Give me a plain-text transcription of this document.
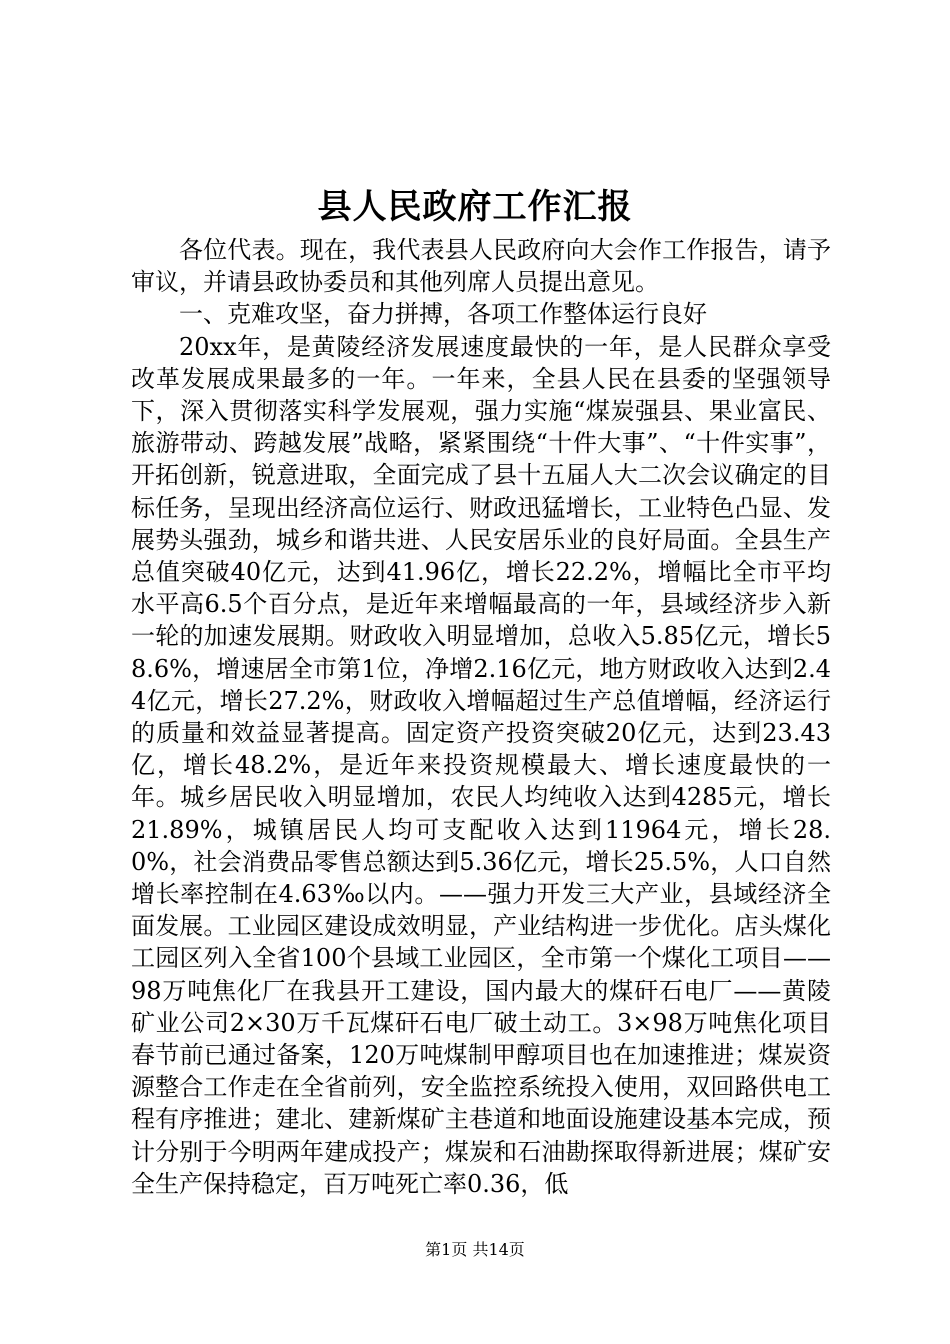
县人民政府工作汇报

各位代表。现在，我代表县人民政府向大会作工作报告，请予审议，并请县政协委员和其他列席人员提出意见。

一、克难攻坚，奋力拼搏，各项工作整体运行良好

20xx年，是黄陵经济发展速度最快的一年，是人民群众享受改革发展成果最多的一年。一年来，全县人民在县委的坚强领导下，深入贯彻落实科学发展观，强力实施“煤炭强县、果业富民、旅游带动、跨越发展”战略，紧紧围绕“十件大事”、“十件实事”，开拓创新，锐意进取，全面完成了县十五届人大二次会议确定的目标任务，呈现出经济高位运行、财政迅猛增长，工业特色凸显、发展势头强劲，城乡和谐共进、人民安居乐业的良好局面。全县生产总值突破40亿元，达到41.96亿，增长22.2%，增幅比全市平均水平高6.5个百分点，是近年来增幅最高的一年，县域经济步入新一轮的加速发展期。财政收入明显增加，总收入5.85亿元，增长58.6%，增速居全市第1位，净增2.16亿元，地方财政收入达到2.44亿元，增长27.2%，财政收入增幅超过生产总值增幅，经济运行的质量和效益显著提高。固定资产投资突破20亿元，达到23.43亿，增长48.2%，是近年来投资规模最大、增长速度最快的一年。城乡居民收入明显增加，农民人均纯收入达到4285元，增长21.89%，城镇居民人均可支配收入达到11964元，增长28.0%，社会消费品零售总额达到5.36亿元，增长25.5%，人口自然增长率控制在4.63‰以内。——强力开发三大产业，县域经济全面发展。工业园区建设成效明显，产业结构进一步优化。店头煤化工园区列入全省100个县域工业园区，全市第一个煤化工项目——98万吨焦化厂在我县开工建设，国内最大的煤矸石电厂——黄陵矿业公司2×30万千瓦煤矸石电厂破土动工。3×98万吨焦化项目春节前已通过备案，120万吨煤制甲醇项目也在加速推进；煤炭资源整合工作走在全省前列，安全监控系统投入使用，双回路供电工程有序推进；建北、建新煤矿主巷道和地面设施建设基本完成，预计分别于今明两年建成投产；煤炭和石油勘探取得新进展；煤矿安全生产保持稳定，百万吨死亡率0.36，低

第1页 共14页
